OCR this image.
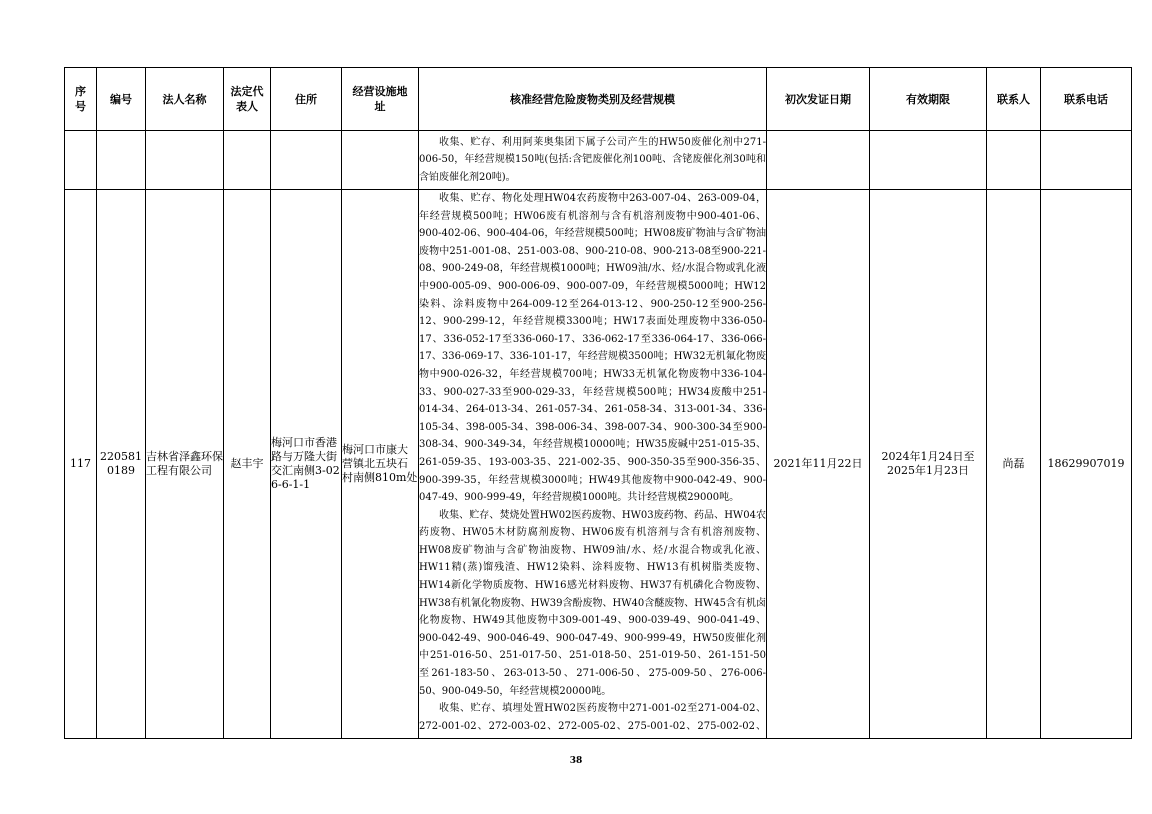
序号	编号	法人名称	法定代表人	住所	经营设施地址	核准经营危险废物类别及经营规模	初次发证日期	有效期限	联系人	联系电话

						收集、贮存、利用阿莱奥集团下属子公司产生的HW50废催化剂中271-006-50，年经营规模150吨(包括:含钯废催化剂100吨、含铑废催化剂30吨和含铂废催化剂20吨)。				

117	2205810189	吉林省泽鑫环保工程有限公司	赵丰宇	梅河口市香港路与万隆大街交汇南侧3-026-6-1-1	梅河口市康大营镇北五块石村南侧810m处	收集、贮存、物化处理HW04农药废物中263-007-04、263-009-04，年经营规模500吨；HW06废有机溶剂与含有机溶剂废物中900-401-06、900-402-06、900-404-06，年经营规模500吨；HW08废矿物油与含矿物油废物中251-001-08、251-003-08、900-210-08、900-213-08至900-221-08、900-249-08，年经营规模1000吨；HW09油/水、烃/水混合物或乳化液中900-005-09、900-006-09、900-007-09，年经营规模5000吨；HW12染料、涂料废物中264-009-12至264-013-12、900-250-12至900-256-12、900-299-12，年经营规模3300吨；HW17表面处理废物中336-050-17、336-052-17至336-060-17、336-062-17至336-064-17、336-066-17、336-069-17、336-101-17，年经营规模3500吨；HW32无机氟化物废物中900-026-32，年经营规模700吨；HW33无机氰化物废物中336-104-33、900-027-33至900-029-33，年经营规模500吨；HW34废酸中251-014-34、264-013-34、261-057-34、261-058-34、313-001-34、336-105-34、398-005-34、398-006-34、398-007-34、900-300-34至900-308-34、900-349-34，年经营规模10000吨；HW35废碱中251-015-35、261-059-35、193-003-35、221-002-35、900-350-35至900-356-35、900-399-35，年经营规模3000吨；HW49其他废物中900-042-49、900-047-49、900-999-49，年经营规模1000吨。共计经营规模29000吨。

收集、贮存、焚烧处置HW02医药废物、HW03废药物、药品、HW04农药废物、HW05木材防腐剂废物、HW06废有机溶剂与含有机溶剂废物、HW08废矿物油与含矿物油废物、HW09油/水、烃/水混合物或乳化液、HW11精(蒸)馏残渣、HW12染料、涂料废物、HW13有机树脂类废物、HW14新化学物质废物、HW16感光材料废物、HW37有机磷化合物废物、HW38有机氰化物废物、HW39含酚废物、HW40含醚废物、HW45含有机卤化物废物、HW49其他废物中309-001-49、900-039-49、900-041-49、900-042-49、900-046-49、900-047-49、900-999-49，HW50废催化剂中251-016-50、251-017-50、251-018-50、251-019-50、261-151-50至261-183-50、263-013-50、271-006-50、275-009-50、276-006-50、900-049-50，年经营规模20000吨。

收集、贮存、填埋处置HW02医药废物中271-001-02至271-004-02、272-001-02、272-003-02、272-005-02、275-001-02、275-002-02、	2021年11月22日	2024年1月24日至2025年1月23日	尚磊	18629907019
38
